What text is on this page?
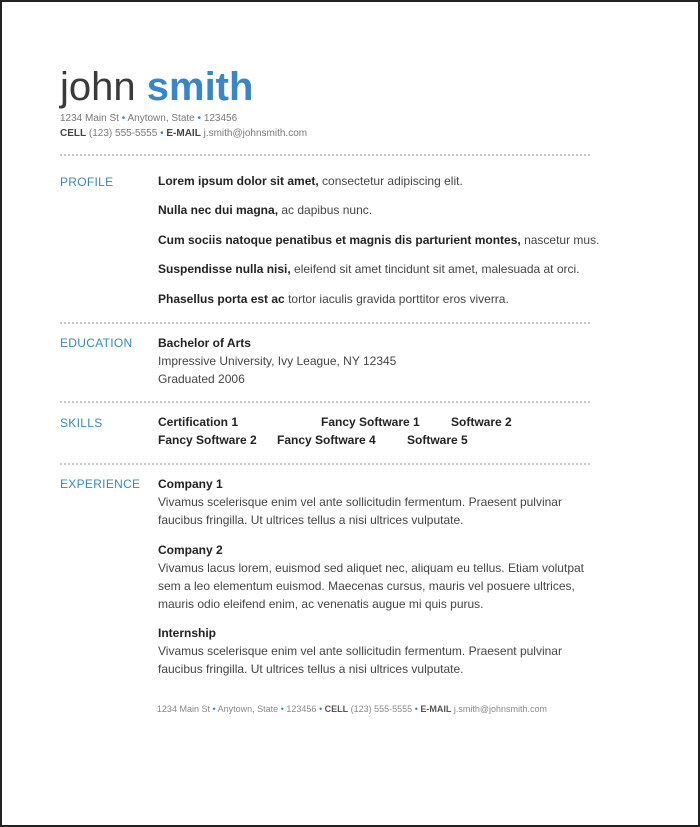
john smith
1234 Main St • Anytown, State • 123456
CELL (123) 555-5555 • E-MAIL j.smith@johnsmith.com
PROFILE	Lorem ipsum dolor sit amet, consectetur adipiscing elit.
Nulla nec dui magna, ac dapibus nunc.
Cum sociis natoque penatibus et magnis dis parturient montes, nascetur mus.
Suspendisse nulla nisi, eleifend sit amet tincidunt sit amet, malesuada at orci.
Phasellus porta est ac tortor iaculis gravida porttitor eros viverra.
EDUCATION Bachelor of Arts
Impressive University, Ivy League, NY 12345
Graduated 2006
SKILLS	Certification 1	Fancy Software 1	Software 2
Fancy Software 2 Fancy Software 4	Software 5
EXPERIENCE Company 1
Vivamus scelerisque enim vel ante sollicitudin fermentum. Praesent pulvinar faucibus fringilla. Ut ultrices tellus a nisi ultrices vulputate.
Company 2
Vivamus lacus lorem, euismod sed aliquet nec, aliquam eu tellus. Etiam volutpat sem a leo elementum euismod. Maecenas cursus, mauris vel posuere ultrices, mauris odio eleifend enim, ac venenatis augue mi quis purus.
Internship
Vivamus scelerisque enim vel ante sollicitudin fermentum. Praesent pulvinar faucibus fringilla. Ut ultrices tellus a nisi ultrices vulputate.
1234 Main St • Anytown, State • 123456 • CELL (123) 555-5555 • E-MAIL j.smith@johnsmith.com
